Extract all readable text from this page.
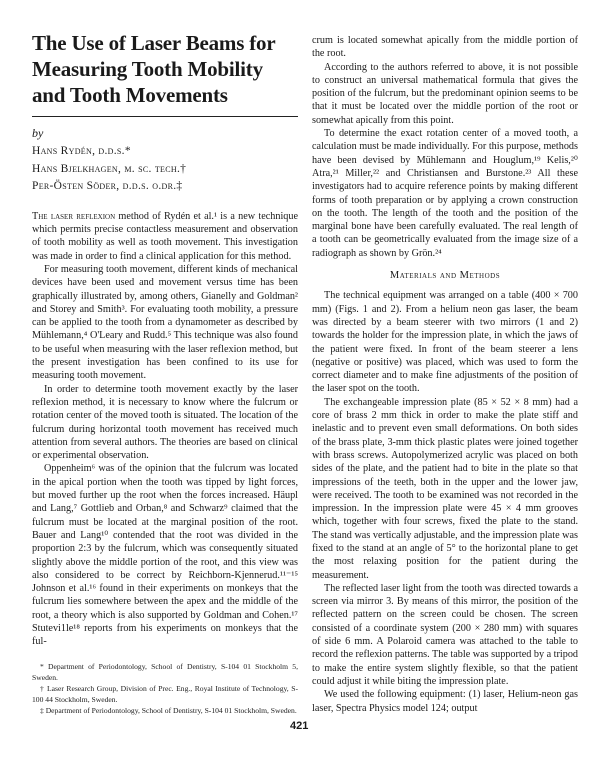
The Use of Laser Beams for
Measuring Tooth Mobility
and Tooth Movements
by
Hans Rydén, d.d.s.*
Hans Bjelkhagen, m. sc. tech.†
Per-Östen Söder, d.d.s. o.dr.‡

The laser reflexion method of Rydén et al.¹ is a new technique which permits precise contactless measurement and observation of tooth mobility as well as tooth movement. This investigation was made in order to find a clinical application for this method.

For measuring tooth movement, different kinds of mechanical devices have been used and movement versus time has been graphically illustrated by, among others, Gianelly and Goldman² and Storey and Smith³. For evaluating tooth mobility, a pressure can be applied to the tooth from a dynamometer as described by Mühlemann,⁴ O'Leary and Rudd.⁵ This technique was also found to be useful when measuring with the laser reflexion method, but the present investigation has been confined to its use for measuring tooth movement.

In order to determine tooth movement exactly by the laser reflexion method, it is necessary to know where the fulcrum or rotation center of the moved tooth is situated. The location of the fulcrum during horizontal tooth movement has received much attention from several authors. The theories are based on clinical or experimental observation.

Oppenheim⁶ was of the opinion that the fulcrum was located in the apical portion when the tooth was tipped by light forces, but moved further up the root when the forces increased. Häupl and Lang,⁷ Gottlieb and Orban,⁸ and Schwarz⁹ claimed that the fulcrum must be located at the marginal position of the root. Bauer and Lang¹⁰ contended that the root was divided in the proportion 2:3 by the fulcrum, which was consequently situated slightly above the middle portion of the root, and this view was also considered to be correct by Reichborn-Kjennerud.¹¹⁻¹⁵ Johnson et al.¹⁶ found in their experiments on monkeys that the fulcrum lies somewhere between the apex and the middle of the root, a theory which is also supported by Goldman and Cohen.¹⁷ Stutevi1le¹⁸ reports from his experiments on monkeys that the ful-

* Department of Periodontology, School of Dentistry, S-104 01 Stockholm 5, Sweden.

† Laser Research Group, Division of Prec. Eng., Royal Institute of Technology, S-100 44 Stockholm, Sweden.

‡ Department of Periodontology, School of Dentistry, S-104 01 Stockholm, Sweden.

crum is located somewhat apically from the middle portion of the root.

According to the authors referred to above, it is not possible to construct an universal mathematical formula that gives the position of the fulcrum, but the predominant opinion seems to be that it must be located over the middle portion of the root or somewhat apically from this point.

To determine the exact rotation center of a moved tooth, a calculation must be made individually. For this purpose, methods have been devised by Mühlemann and Houglum,¹⁹ Kelis,²⁰ Atra,²¹ Miller,²² and Christiansen and Burstone.²³ All these investigators had to acquire reference points by making different forms of tooth preparation or by applying a crown construction on the tooth. The length of the tooth and the position of the marginal bone have been carefully evaluated. The real length of a tooth can be geometrically evaluated from the image size of a radiograph as shown by Grön.²⁴

Materials and Methods

The technical equipment was arranged on a table (400 × 700 mm) (Figs. 1 and 2). From a helium neon gas laser, the beam was directed by a beam steerer with two mirrors (1 and 2) towards the holder for the impression plate, in which the jaws of the patient were fixed. In front of the beam steerer a lens (negative or positive) was placed, which was used to form the correct diameter and to make fine adjustments of the position of the laser spot on the tooth.

The exchangeable impression plate (85 × 52 × 8 mm) had a core of brass 2 mm thick in order to make the plate stiff and inelastic and to prevent even small deformations. On both sides of the brass plate, 3-mm thick plastic plates were joined together with brass screws. Autopolymerized acrylic was placed on both sides of the plate, and the patient had to bite in the plate so that impressions of the teeth, both in the upper and the lower jaw, were received. The tooth to be examined was not recorded in the impression. In the impression plate were 45 × 4 mm grooves which, together with four screws, fixed the plate to the stand. The stand was vertically adjustable, and the impression plate was fixed to the stand at an angle of 5° to the horizontal plane to get the most relaxing position for the patient during the measurement.

The reflected laser light from the tooth was directed towards a screen via mirror 3. By means of this mirror, the position of the reflected pattern on the screen could be chosen. The screen consisted of a coordinate system (200 × 280 mm) with squares of side 6 mm. A Polaroid camera was attached to the table to record the reflexion patterns. The table was supported by a tripod to make the entire system slightly flexible, so that the patient could adjust it while biting the impression plate.

We used the following equipment: (1) laser, Helium-neon gas laser, Spectra Physics model 124; output

421
